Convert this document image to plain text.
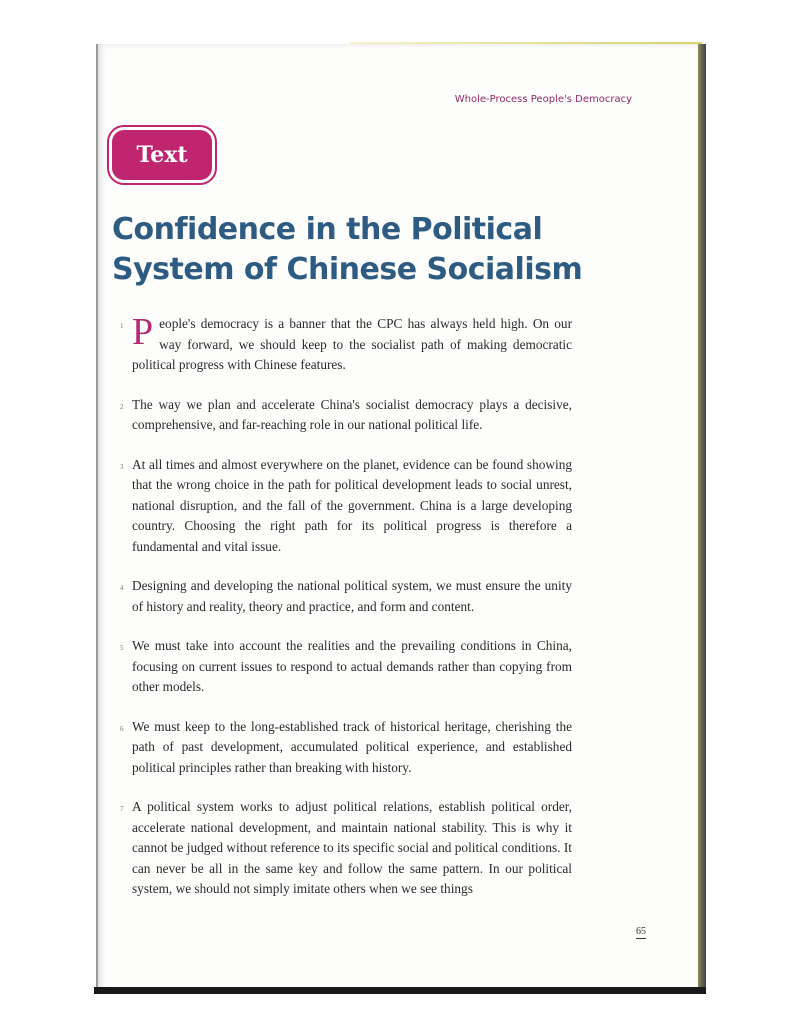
Whole-Process People's Democracy
Text
Confidence in the Political System of Chinese Socialism

1 P eople's democracy is a banner that the CPC has always held high. On our way forward, we should keep to the socialist path of making democratic political progress with Chinese features.

2 The way we plan and accelerate China's socialist democracy plays a decisive, comprehensive, and far-reaching role in our national political life.

3 At all times and almost everywhere on the planet, evidence can be found showing that the wrong choice in the path for political development leads to social unrest, national disruption, and the fall of the government. China is a large developing country. Choosing the right path for its political progress is therefore a fundamental and vital issue.

4 Designing and developing the national political system, we must ensure the unity of history and reality, theory and practice, and form and content.

5 We must take into account the realities and the prevailing conditions in China, focusing on current issues to respond to actual demands rather than copying from other models.

6 We must keep to the long-established track of historical heritage, cherishing the path of past development, accumulated political experience, and established political principles rather than breaking with history.

7 A political system works to adjust political relations, establish political order, accelerate national development, and maintain national stability. This is why it cannot be judged without reference to its specific social and political conditions. It can never be all in the same key and follow the same pattern. In our political system, we should not simply imitate others when we see things

65
